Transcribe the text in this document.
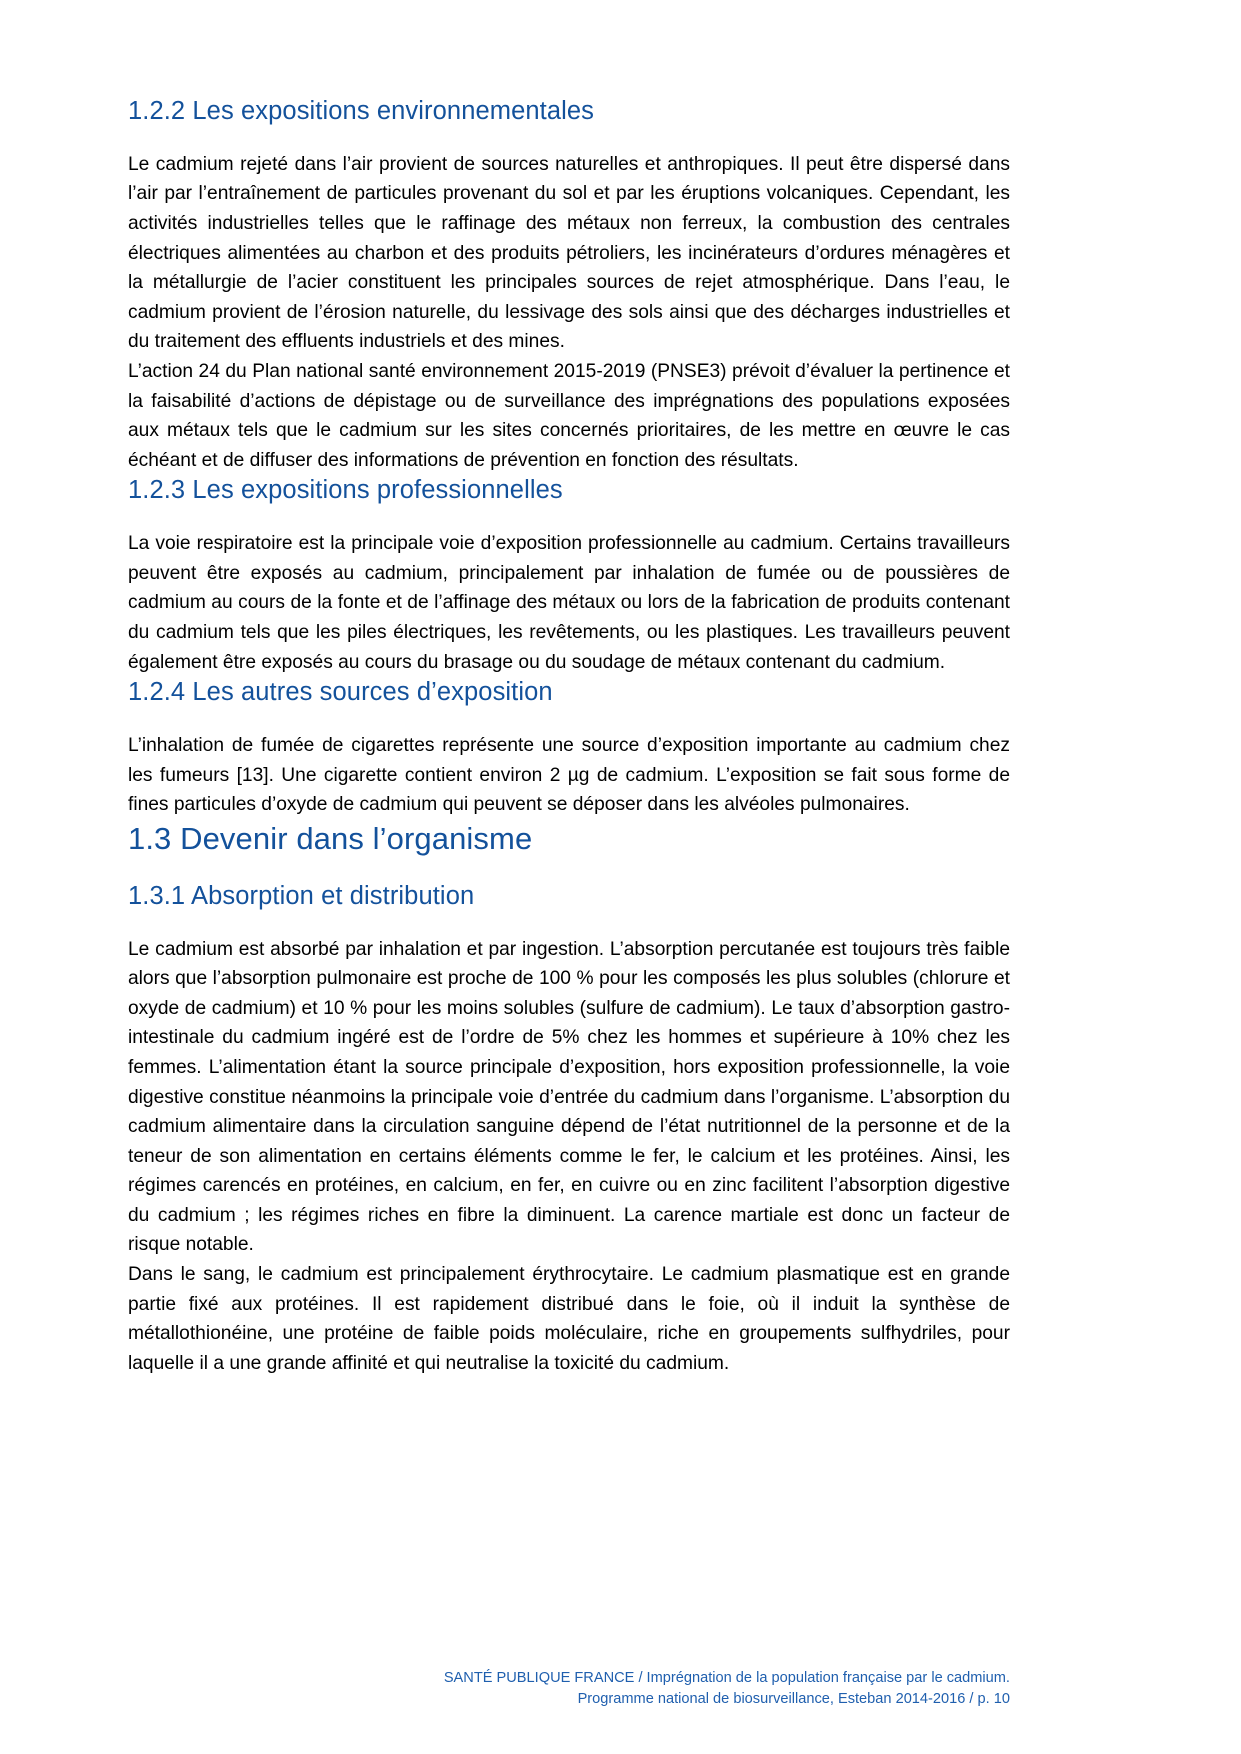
1.2.2 Les expositions environnementales

Le cadmium rejeté dans l’air provient de sources naturelles et anthropiques. Il peut être dispersé dans l’air par l’entraînement de particules provenant du sol et par les éruptions volcaniques. Cependant, les activités industrielles telles que le raffinage des métaux non ferreux, la combustion des centrales électriques alimentées au charbon et des produits pétroliers, les incinérateurs d’ordures ménagères et la métallurgie de l’acier constituent les principales sources de rejet atmosphérique. Dans l’eau, le cadmium provient de l’érosion naturelle, du lessivage des sols ainsi que des décharges industrielles et du traitement des effluents industriels et des mines.

L’action 24 du Plan national santé environnement 2015-2019 (PNSE3) prévoit d’évaluer la pertinence et la faisabilité d’actions de dépistage ou de surveillance des imprégnations des populations exposées aux métaux tels que le cadmium sur les sites concernés prioritaires, de les mettre en œuvre le cas échéant et de diffuser des informations de prévention en fonction des résultats.

1.2.3 Les expositions professionnelles

La voie respiratoire est la principale voie d’exposition professionnelle au cadmium. Certains travailleurs peuvent être exposés au cadmium, principalement par inhalation de fumée ou de poussières de cadmium au cours de la fonte et de l’affinage des métaux ou lors de la fabrication de produits contenant du cadmium tels que les piles électriques, les revêtements, ou les plastiques. Les travailleurs peuvent également être exposés au cours du brasage ou du soudage de métaux contenant du cadmium.

1.2.4 Les autres sources d’exposition

L’inhalation de fumée de cigarettes représente une source d’exposition importante au cadmium chez les fumeurs [13]. Une cigarette contient environ 2 µg de cadmium. L’exposition se fait sous forme de fines particules d’oxyde de cadmium qui peuvent se déposer dans les alvéoles pulmonaires.

1.3 Devenir dans l’organisme
1.3.1 Absorption et distribution

Le cadmium est absorbé par inhalation et par ingestion. L’absorption percutanée est toujours très faible alors que l’absorption pulmonaire est proche de 100 % pour les composés les plus solubles (chlorure et oxyde de cadmium) et 10 % pour les moins solubles (sulfure de cadmium). Le taux d’absorption gastro-intestinale du cadmium ingéré est de l’ordre de 5% chez les hommes et supérieure à 10% chez les femmes. L’alimentation étant la source principale d’exposition, hors exposition professionnelle, la voie digestive constitue néanmoins la principale voie d’entrée du cadmium dans l’organisme. L’absorption du cadmium alimentaire dans la circulation sanguine dépend de l’état nutritionnel de la personne et de la teneur de son alimentation en certains éléments comme le fer, le calcium et les protéines. Ainsi, les régimes carencés en protéines, en calcium, en fer, en cuivre ou en zinc facilitent l’absorption digestive du cadmium ; les régimes riches en fibre la diminuent. La carence martiale est donc un facteur de risque notable.

Dans le sang, le cadmium est principalement érythrocytaire. Le cadmium plasmatique est en grande partie fixé aux protéines. Il est rapidement distribué dans le foie, où il induit la synthèse de métallothionéine, une protéine de faible poids moléculaire, riche en groupements sulfhydriles, pour laquelle il a une grande affinité et qui neutralise la toxicité du cadmium.

SANTÉ PUBLIQUE FRANCE / Imprégnation de la population française par le cadmium.
Programme national de biosurveillance, Esteban 2014-2016 / p. 10
